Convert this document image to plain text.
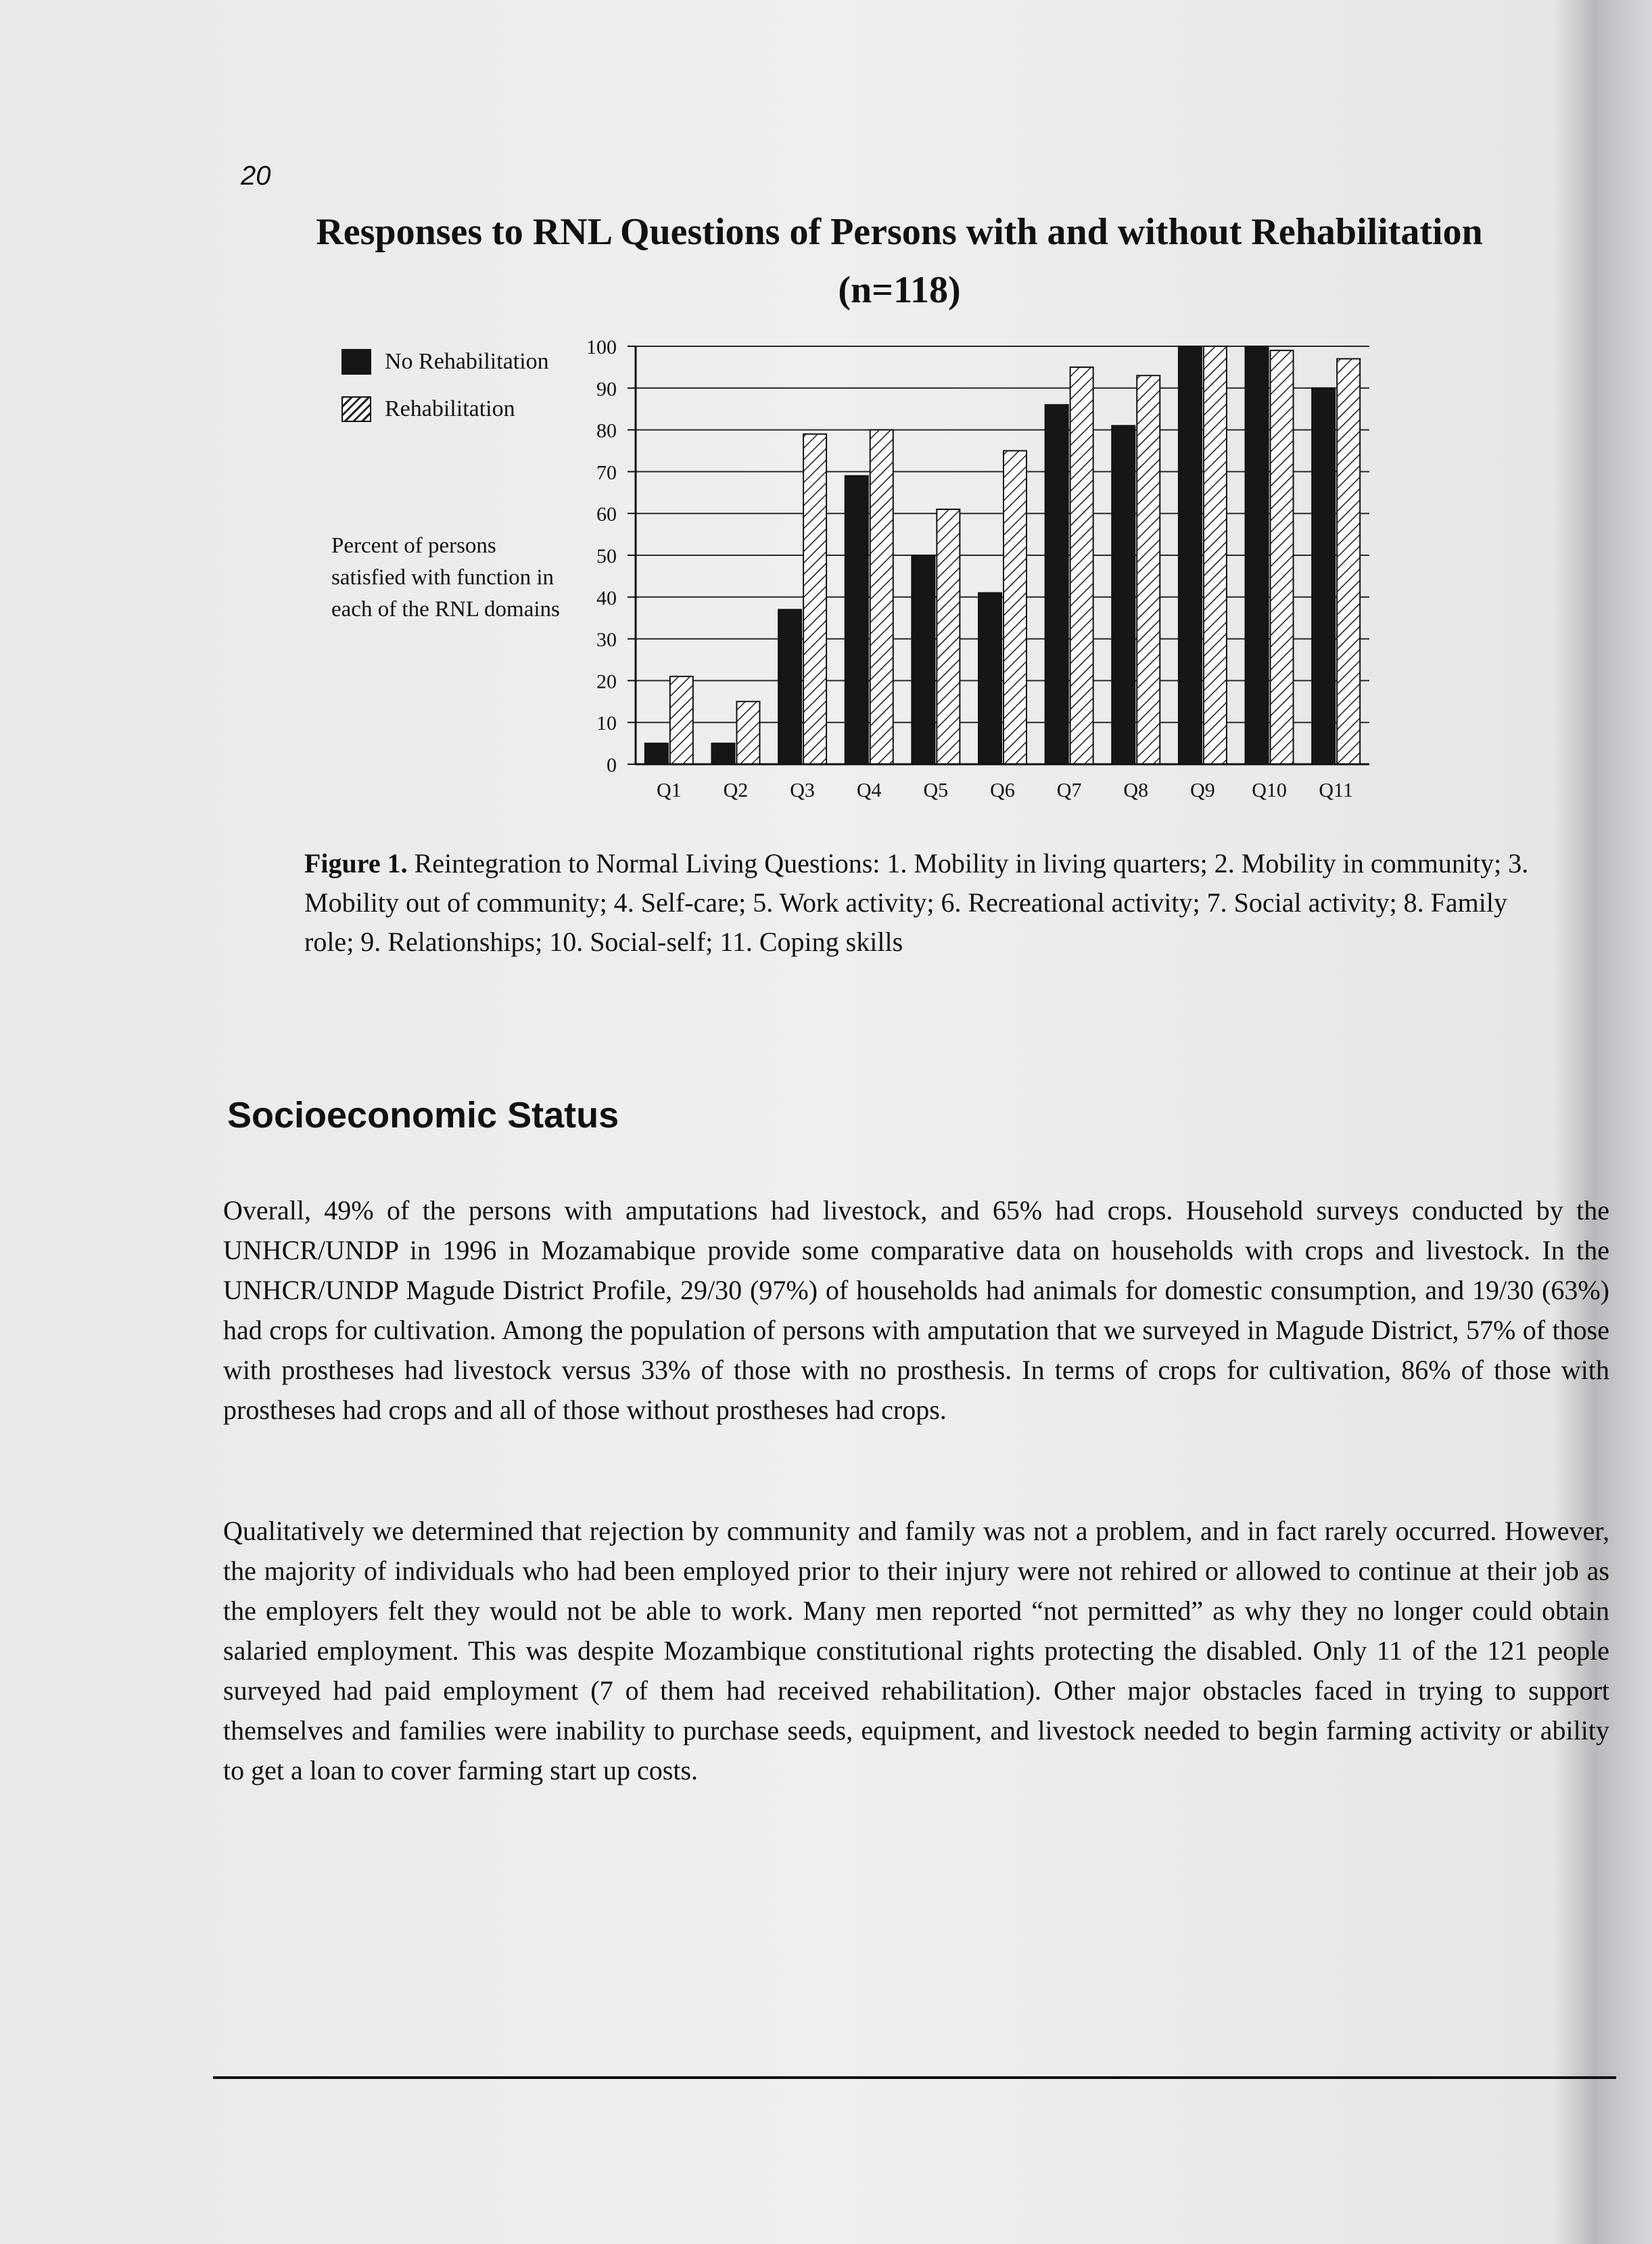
20
Responses to RNL Questions of Persons with and without Rehabilitation (n=118)
No Rehabilitation
Rehabilitation
Percent of persons satisfied with function in each of the RNL domains
0
10
20
30
40
50
60
70
80
90
100
Q1 Q2 Q3 Q4 Q5 Q6 Q7 Q8 Q9 Q10 Q11
Figure 1. Reintegration to Normal Living Questions: 1. Mobility in living quarters; 2. Mobility in community; 3. Mobility out of community; 4. Self-care; 5. Work activity; 6. Recreational activity; 7. Social activity; 8. Family role; 9. Relationships; 10. Social-self; 11. Coping skills
Socioeconomic Status
Overall, 49% of the persons with amputations had livestock, and 65% had crops. Household surveys conducted by the UNHCR/UNDP in 1996 in Mozamabique provide some comparative data on households with crops and livestock. In the UNHCR/UNDP Magude District Profile, 29/30 (97%) of households had animals for domestic consumption, and 19/30 (63%) had crops for cultivation. Among the population of persons with amputation that we surveyed in Magude District, 57% of those with prostheses had livestock versus 33% of those with no prosthesis. In terms of crops for cultivation, 86% of those with prostheses had crops and all of those without prostheses had crops.
Qualitatively we determined that rejection by community and family was not a problem, and in fact rarely occurred. However, the majority of individuals who had been employed prior to their injury were not rehired or allowed to continue at their job as the employers felt they would not be able to work. Many men reported “not permitted” as why they no longer could obtain salaried employment. This was despite Mozambique constitutional rights protecting the disabled. Only 11 of the 121 people surveyed had paid employment (7 of them had received rehabilitation). Other major obstacles faced in trying to support themselves and families were inability to purchase seeds, equipment, and livestock needed to begin farming activity or ability to get a loan to cover farming start up costs.
